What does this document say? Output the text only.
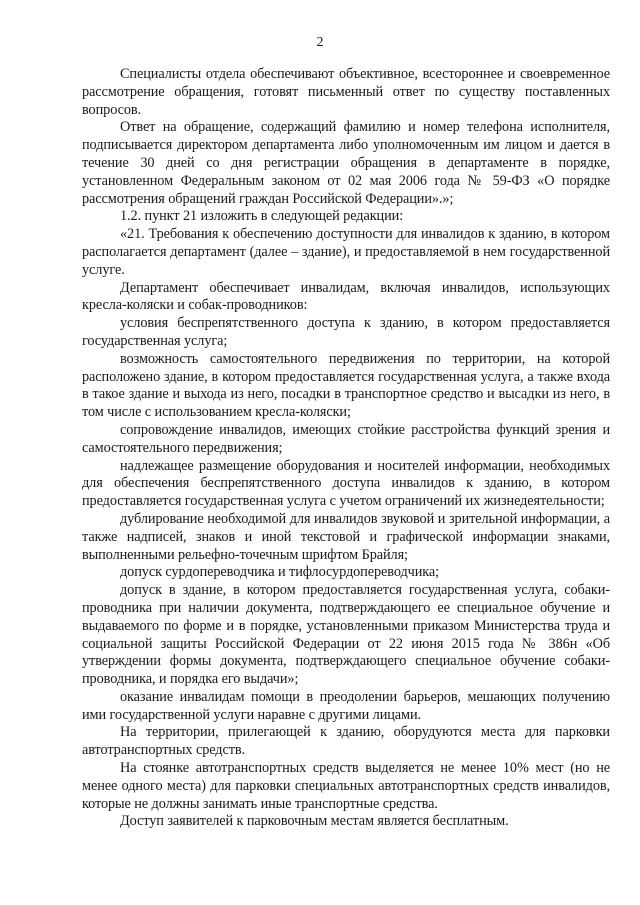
2

Специалисты отдела обеспечивают объективное, всестороннее и своевременное рассмотрение обращения, готовят письменный ответ по существу поставленных вопросов.

Ответ на обращение, содержащий фамилию и номер телефона исполнителя, подписывается директором департамента либо уполномоченным им лицом и дается в течение 30 дней со дня регистрации обращения в департаменте в порядке, установленном Федеральным законом от 02 мая 2006 года № 59-ФЗ «О порядке рассмотрения обращений граждан Российской Федерации».»;

1.2. пункт 21 изложить в следующей редакции:

«21. Требования к обеспечению доступности для инвалидов к зданию, в котором располагается департамент (далее – здание), и предоставляемой в нем государственной услуге.

Департамент обеспечивает инвалидам, включая инвалидов, использующих кресла-коляски и собак-проводников:

условия беспрепятственного доступа к зданию, в котором предоставляется государственная услуга;

возможность самостоятельного передвижения по территории, на которой расположено здание, в котором предоставляется государственная услуга, а также входа в такое здание и выхода из него, посадки в транспортное средство и высадки из него, в том числе с использованием кресла-коляски;

сопровождение инвалидов, имеющих стойкие расстройства функций зрения и самостоятельного передвижения;

надлежащее размещение оборудования и носителей информации, необходимых для обеспечения беспрепятственного доступа инвалидов к зданию, в котором предоставляется государственная услуга с учетом ограничений их жизнедеятельности;

дублирование необходимой для инвалидов звуковой и зрительной информации, а также надписей, знаков и иной текстовой и графической информации знаками, выполненными рельефно-точечным шрифтом Брайля;

допуск сурдопереводчика и тифлосурдопереводчика;

допуск в здание, в котором предоставляется государственная услуга, собаки-проводника при наличии документа, подтверждающего ее специальное обучение и выдаваемого по форме и в порядке, установленными приказом Министерства труда и социальной защиты Российской Федерации от 22 июня 2015 года № 386н «Об утверждении формы документа, подтверждающего специальное обучение собаки-проводника, и порядка его выдачи»;

оказание инвалидам помощи в преодолении барьеров, мешающих получению ими государственной услуги наравне с другими лицами.

На территории, прилегающей к зданию, оборудуются места для парковки автотранспортных средств.

На стоянке автотранспортных средств выделяется не менее 10% мест (но не менее одного места) для парковки специальных автотранспортных средств инвалидов, которые не должны занимать иные транспортные средства.

Доступ заявителей к парковочным местам является бесплатным.
